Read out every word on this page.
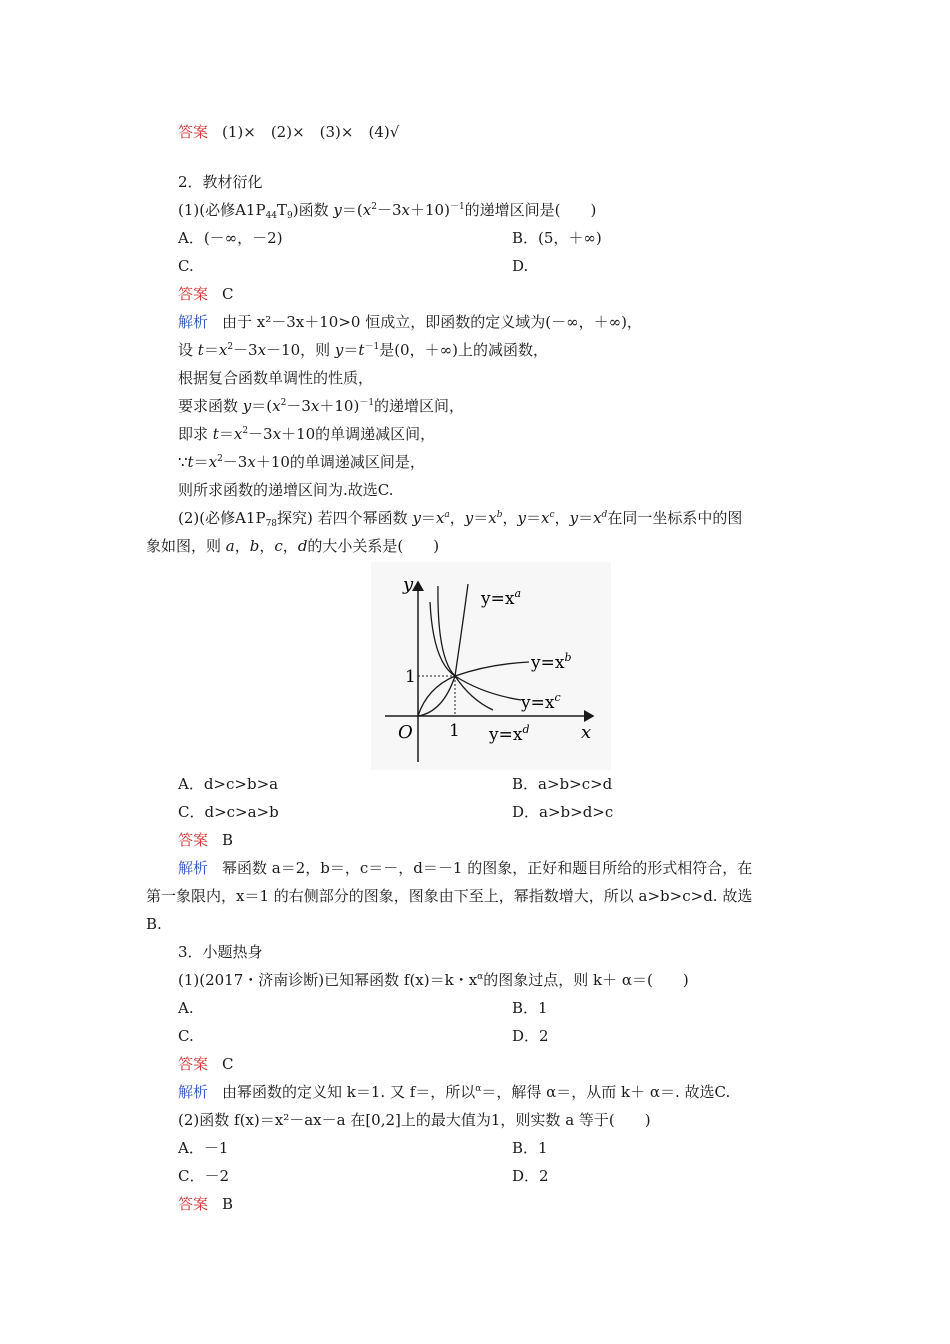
答案 (1)×　(2)×　(3)×　(4)√
2．教材衍化
(1)(必修$A1P_{44}T_9$)函数 $y=(x^2-3x+10)^{-1}$的递增区间是(　　)
A．(－∞，－2)	B．(5，＋∞)
C.	D.
答案 C
解析 由于 x²－3x＋10>0 恒成立，即函数的定义域为(－∞，＋∞)，
设 $t=x^2-3x-10$，则 $y=t^{-1}$是(0，＋∞)上的减函数，
根据复合函数单调性的性质，
要求函数 $y=(x^2-3x+10)^{-1}$的递增区间，
即求 $t=x^2-3x+10$的单调递减区间，
$\because t=x^2-3x+10$的单调递减区间是，
则所求函数的递增区间为.故选C.
(2)(必修$A1P_{78}$探究) 若四个幂函数 $y=x^a$，$y=x^b$，$y=x^c$，$y=x^d$在同一坐标系中的图
象如图，则 a，b，c，d的大小关系是(　　)
y
x
O 1
1
$y=x^a$
$y=x^b$
$y=x^c$
$y=x^d$
A．d>c>b>a	B．a>b>c>d
C．d>c>a>b	D．a>b>d>c
答案 B
解析 幂函数 a＝2，b＝，c＝－，d＝－1 的图象，正好和题目所给的形式相符合，在
第一象限内，x＝1 的右侧部分的图象，图象由下至上，幂指数增大，所以 a>b>c>d. 故选
B.
3．小题热身
(1)(2017・济南诊断)已知幂函数 f(x)＝k・$x^\alpha$的图象过点，则 k＋ α＝(　　)
A.	B．1
C.	D．2
答案 C
解析 由幂函数的定义知 k＝1. 又 f＝，所以$^\alpha$＝，解得 α＝，从而 k＋ α＝. 故选C.
(2)函数 f(x)＝x²－ax－a 在[0,2]上的最大值为1，则实数 a 等于(　　)
A．－1	B．1
C．－2	D．2
答案 B
